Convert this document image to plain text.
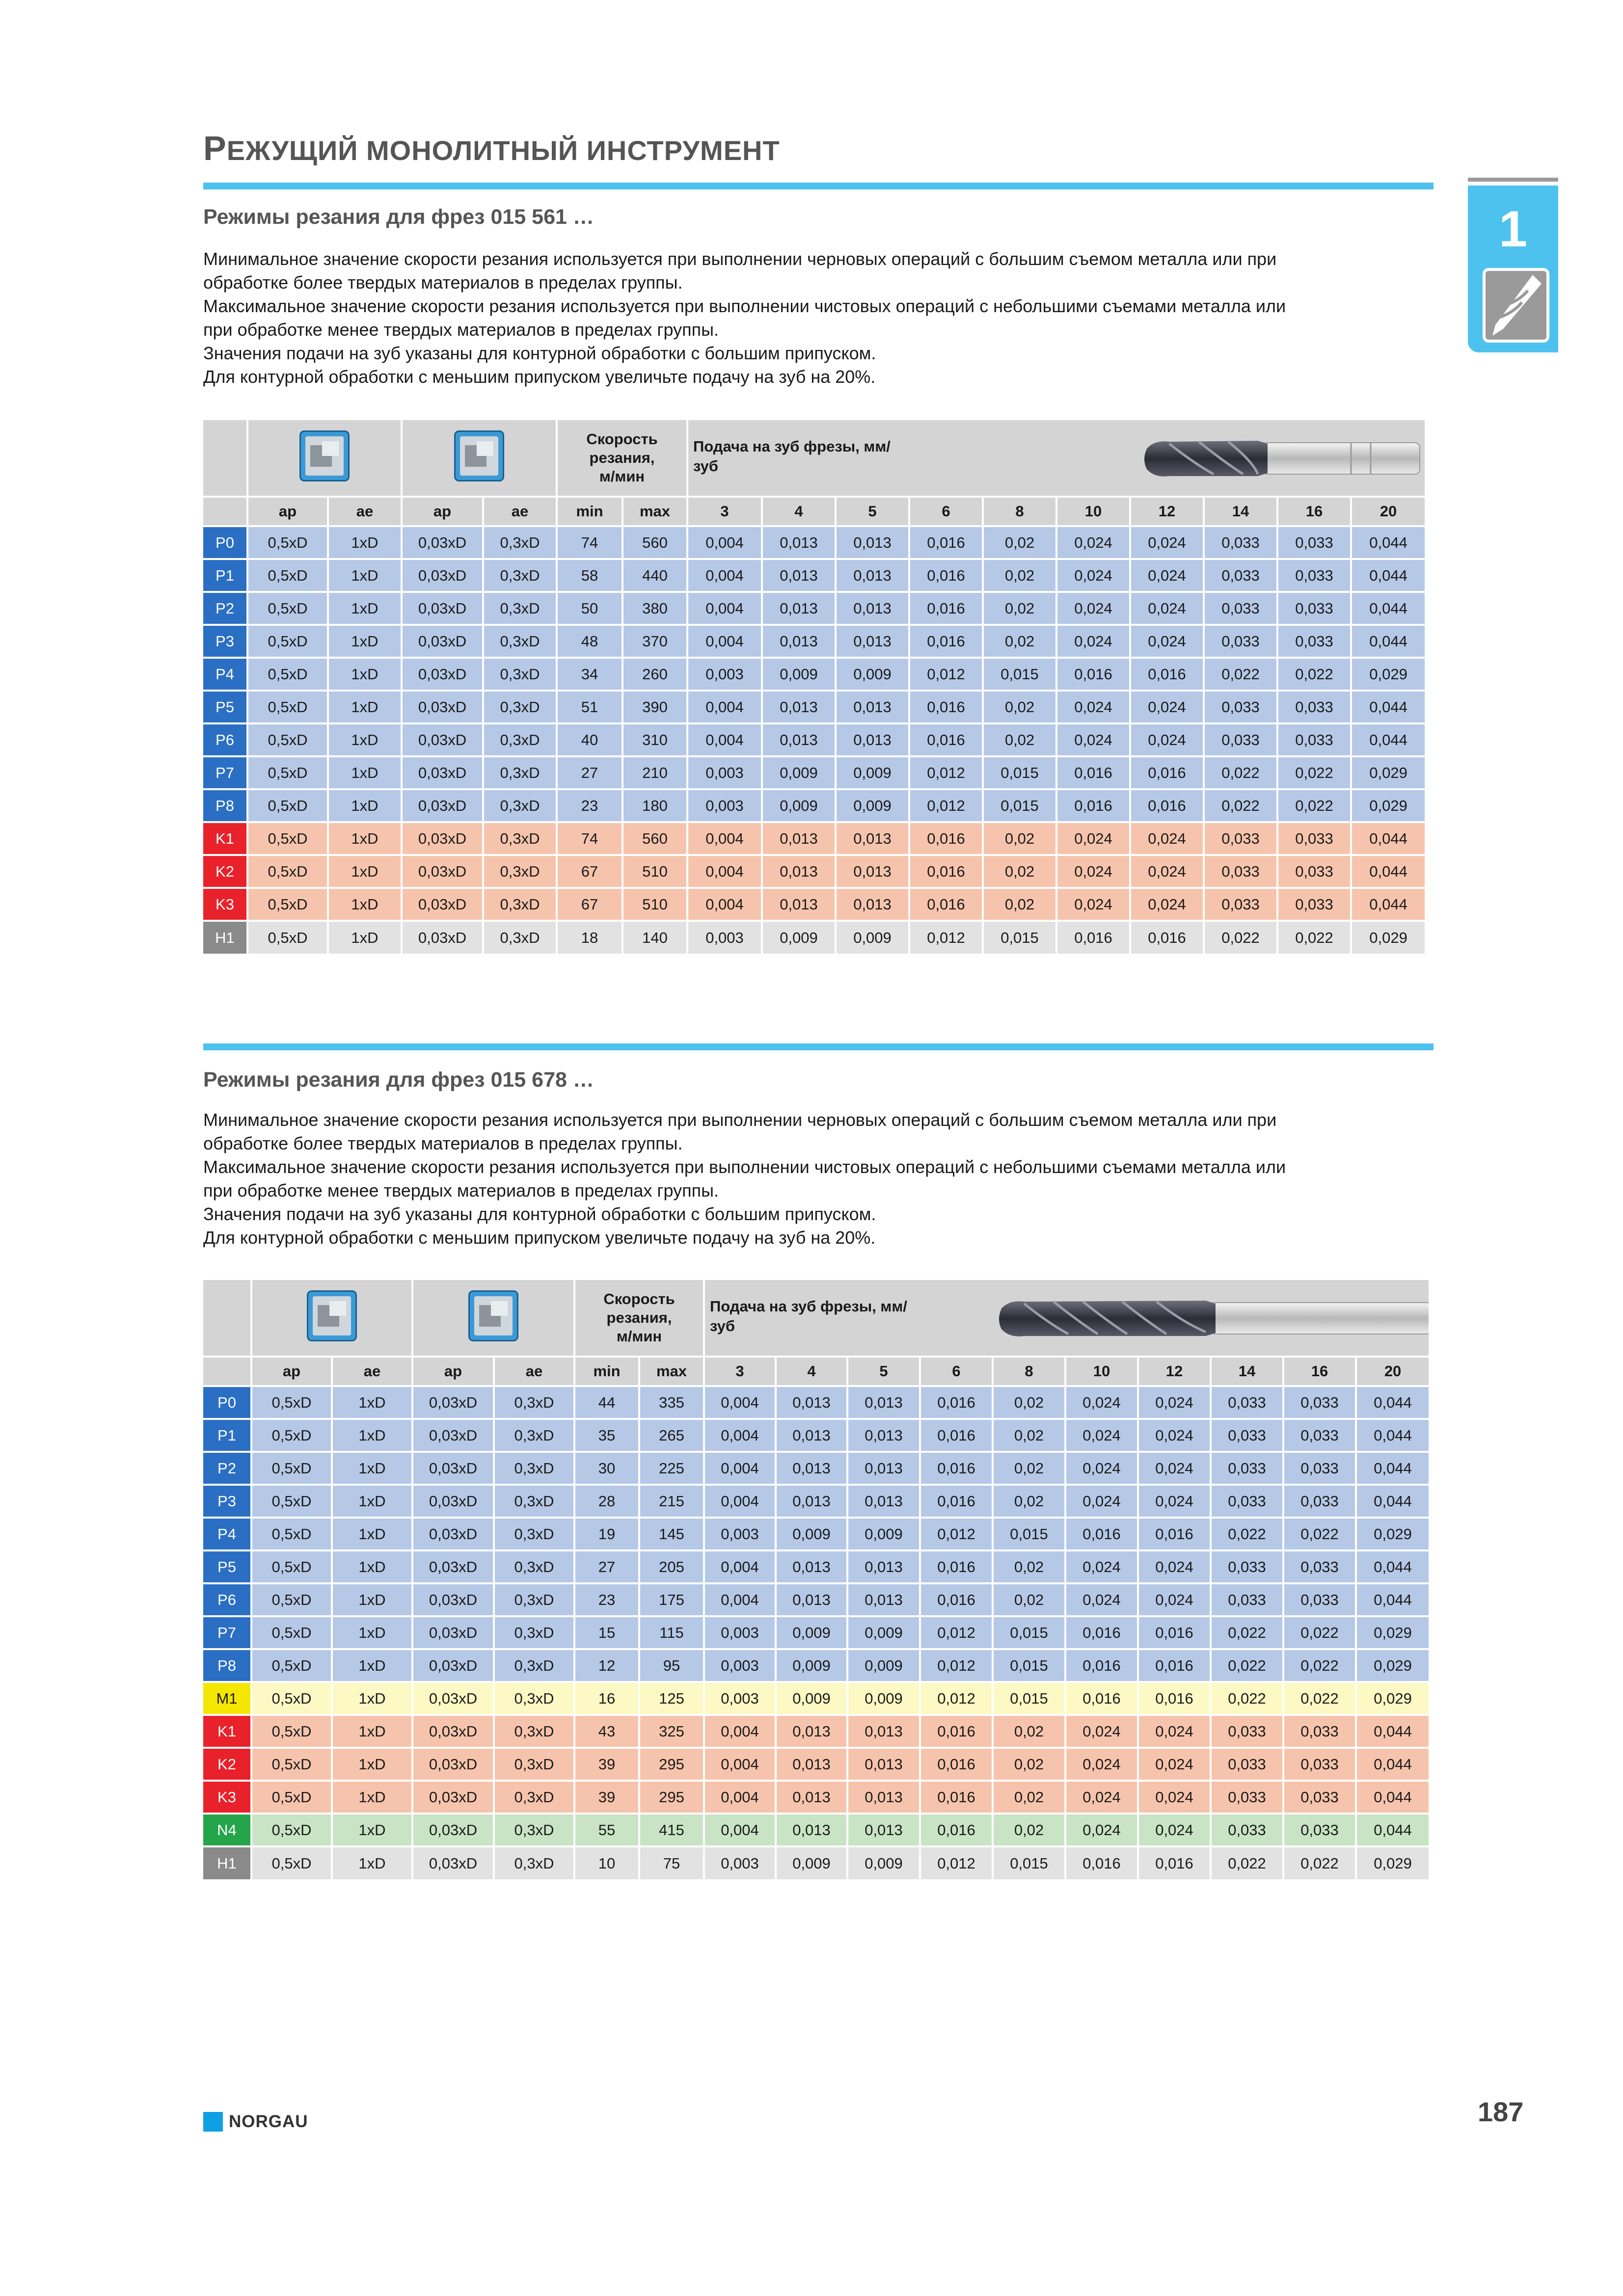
РЕЖУЩИЙ МОНОЛИТНЫЙ ИНСТРУМЕНТ
1
Режимы резания для фрез 015 561 …
Минимальное значение скорости резания используется при выполнении черновых операций с большим съемом металла или при
обработке более твердых материалов в пределах группы.
Максимальное значение скорости резания используется при выполнении чистовых операций с небольшими съемами металла или
при обработке менее твердых материалов в пределах группы.
Значения подачи на зуб указаны для контурной обработки с большим припуском.
Для контурной обработки с меньшим припуском увеличьте подачу на зуб на 20%.

					Скорость резания, м/мин		Подача на зуб фрезы, мм/зуб									

	ap	ae	ap	ae	min	max	3	4	5	6	8	10	12	14	16	20
P0	0,5xD	1xD	0,03xD	0,3xD	74	560	0,004	0,013	0,013	0,016	0,02	0,024	0,024	0,033	0,033	0,044
P1	0,5xD	1xD	0,03xD	0,3xD	58	440	0,004	0,013	0,013	0,016	0,02	0,024	0,024	0,033	0,033	0,044
P2	0,5xD	1xD	0,03xD	0,3xD	50	380	0,004	0,013	0,013	0,016	0,02	0,024	0,024	0,033	0,033	0,044
P3	0,5xD	1xD	0,03xD	0,3xD	48	370	0,004	0,013	0,013	0,016	0,02	0,024	0,024	0,033	0,033	0,044
P4	0,5xD	1xD	0,03xD	0,3xD	34	260	0,003	0,009	0,009	0,012	0,015	0,016	0,016	0,022	0,022	0,029
P5	0,5xD	1xD	0,03xD	0,3xD	51	390	0,004	0,013	0,013	0,016	0,02	0,024	0,024	0,033	0,033	0,044
P6	0,5xD	1xD	0,03xD	0,3xD	40	310	0,004	0,013	0,013	0,016	0,02	0,024	0,024	0,033	0,033	0,044
P7	0,5xD	1xD	0,03xD	0,3xD	27	210	0,003	0,009	0,009	0,012	0,015	0,016	0,016	0,022	0,022	0,029
P8	0,5xD	1xD	0,03xD	0,3xD	23	180	0,003	0,009	0,009	0,012	0,015	0,016	0,016	0,022	0,022	0,029
K1	0,5xD	1xD	0,03xD	0,3xD	74	560	0,004	0,013	0,013	0,016	0,02	0,024	0,024	0,033	0,033	0,044
K2	0,5xD	1xD	0,03xD	0,3xD	67	510	0,004	0,013	0,013	0,016	0,02	0,024	0,024	0,033	0,033	0,044
K3	0,5xD	1xD	0,03xD	0,3xD	67	510	0,004	0,013	0,013	0,016	0,02	0,024	0,024	0,033	0,033	0,044
H1	0,5xD	1xD	0,03xD	0,3xD	18	140	0,003	0,009	0,009	0,012	0,015	0,016	0,016	0,022	0,022	0,029
Режимы резания для фрез 015 678 …
Минимальное значение скорости резания используется при выполнении черновых операций с большим съемом металла или при
обработке более твердых материалов в пределах группы.
Максимальное значение скорости резания используется при выполнении чистовых операций с небольшими съемами металла или
при обработке менее твердых материалов в пределах группы.
Значения подачи на зуб указаны для контурной обработки с большим припуском.
Для контурной обработки с меньшим припуском увеличьте подачу на зуб на 20%.

					Скорость резания, м/мин		Подача на зуб фрезы, мм/зуб									

	ap	ae	ap	ae	min	max	3	4	5	6	8	10	12	14	16	20
P0	0,5xD	1xD	0,03xD	0,3xD	44	335	0,004	0,013	0,013	0,016	0,02	0,024	0,024	0,033	0,033	0,044
P1	0,5xD	1xD	0,03xD	0,3xD	35	265	0,004	0,013	0,013	0,016	0,02	0,024	0,024	0,033	0,033	0,044
P2	0,5xD	1xD	0,03xD	0,3xD	30	225	0,004	0,013	0,013	0,016	0,02	0,024	0,024	0,033	0,033	0,044
P3	0,5xD	1xD	0,03xD	0,3xD	28	215	0,004	0,013	0,013	0,016	0,02	0,024	0,024	0,033	0,033	0,044
P4	0,5xD	1xD	0,03xD	0,3xD	19	145	0,003	0,009	0,009	0,012	0,015	0,016	0,016	0,022	0,022	0,029
P5	0,5xD	1xD	0,03xD	0,3xD	27	205	0,004	0,013	0,013	0,016	0,02	0,024	0,024	0,033	0,033	0,044
P6	0,5xD	1xD	0,03xD	0,3xD	23	175	0,004	0,013	0,013	0,016	0,02	0,024	0,024	0,033	0,033	0,044
P7	0,5xD	1xD	0,03xD	0,3xD	15	115	0,003	0,009	0,009	0,012	0,015	0,016	0,016	0,022	0,022	0,029
P8	0,5xD	1xD	0,03xD	0,3xD	12	95	0,003	0,009	0,009	0,012	0,015	0,016	0,016	0,022	0,022	0,029
M1	0,5xD	1xD	0,03xD	0,3xD	16	125	0,003	0,009	0,009	0,012	0,015	0,016	0,016	0,022	0,022	0,029
K1	0,5xD	1xD	0,03xD	0,3xD	43	325	0,004	0,013	0,013	0,016	0,02	0,024	0,024	0,033	0,033	0,044
K2	0,5xD	1xD	0,03xD	0,3xD	39	295	0,004	0,013	0,013	0,016	0,02	0,024	0,024	0,033	0,033	0,044
K3	0,5xD	1xD	0,03xD	0,3xD	39	295	0,004	0,013	0,013	0,016	0,02	0,024	0,024	0,033	0,033	0,044
N4	0,5xD	1xD	0,03xD	0,3xD	55	415	0,004	0,013	0,013	0,016	0,02	0,024	0,024	0,033	0,033	0,044
H1	0,5xD	1xD	0,03xD	0,3xD	10	75	0,003	0,009	0,009	0,012	0,015	0,016	0,016	0,022	0,022	0,029
NORGAU	187
